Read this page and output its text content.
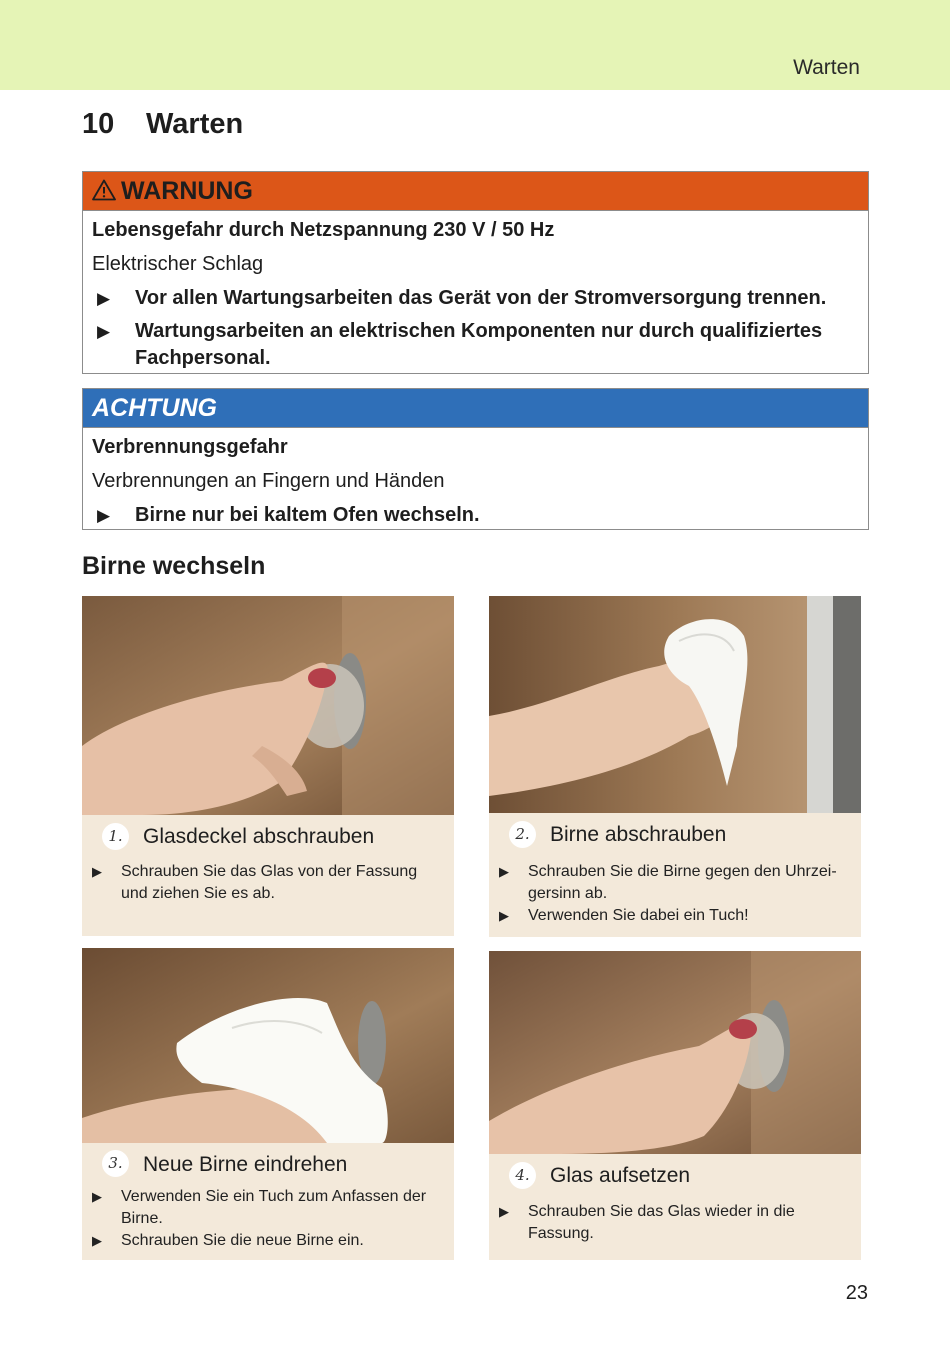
Warten
10 Warten
WARNUNG
Lebensgefahr durch Netzspannung 230 V / 50 Hz
Elektrischer Schlag
▶ Vor allen Wartungsarbeiten das Gerät von der Stromversorgung trennen.
▶ Wartungsarbeiten an elektrischen Komponenten nur durch qualifiziertes Fachpersonal.
ACHTUNG
Verbrennungsgefahr
Verbrennungen an Fingern und Händen
▶ Birne nur bei kaltem Ofen wechseln.
Birne wechseln
1. Glasdeckel abschrauben
▶ Schrauben Sie das Glas von der Fassung und ziehen Sie es ab.
2. Birne abschrauben
▶ Schrauben Sie die Birne gegen den Uhrzei-gersinn ab.
▶ Verwenden Sie dabei ein Tuch!
3. Neue Birne eindrehen
▶ Verwenden Sie ein Tuch zum Anfassen der Birne.
▶ Schrauben Sie die neue Birne ein.
4. Glas aufsetzen
▶ Schrauben Sie das Glas wieder in die Fassung.
23
